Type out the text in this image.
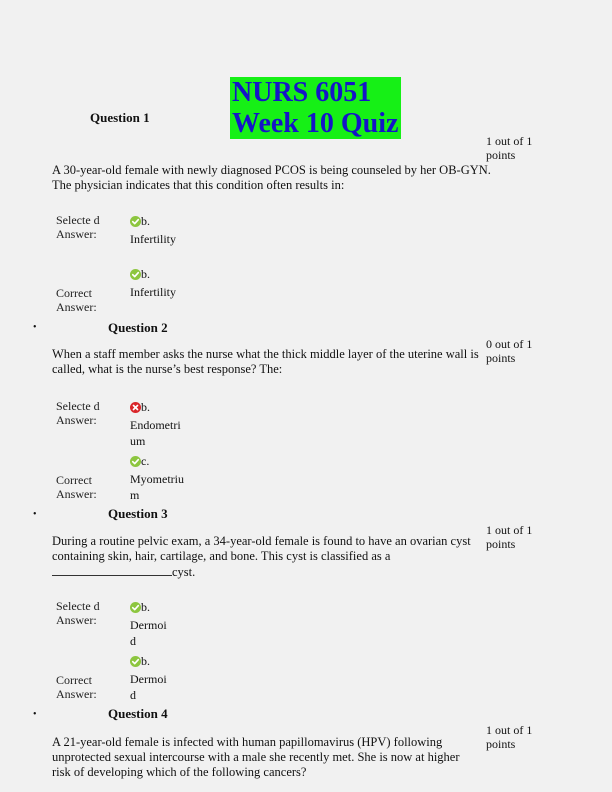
NURS 6051
Week 10 Quiz
Question 1
1 out of 1 points
A 30-year-old female with newly diagnosed PCOS is being counseled by her OB-GYN. The physician indicates that this condition often results in:
Selecte d Answer:
b.
Infertility
Correct Answer:
b.
Infertility
•	Question 2
0 out of 1 points
When a staff member asks the nurse what the thick middle layer of the uterine wall is called, what is the nurse’s best response? The:
Selecte d Answer:
b.
Endometrium
Correct Answer:
c.
Myometrium
•	Question 3
1 out of 1 points
During a routine pelvic exam, a 34-year-old female is found to have an ovarian cyst containing skin, hair, cartilage, and bone. This cyst is classified as a
cyst.
Selecte d Answer:
b.
Dermoid
Correct Answer:
b.
Dermoid
•	Question 4
1 out of 1 points
A 21-year-old female is infected with human papillomavirus (HPV) following unprotected sexual intercourse with a male she recently met. She is now at higher risk of developing which of the following cancers?
